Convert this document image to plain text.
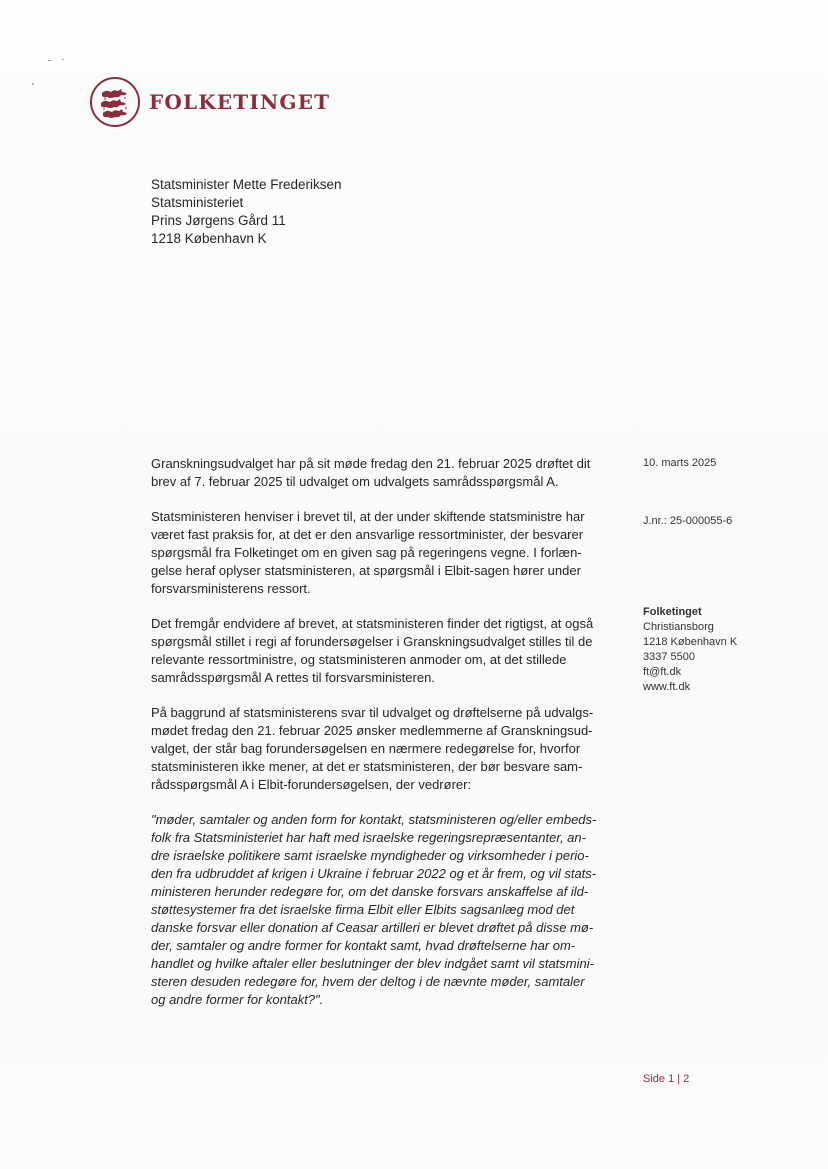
FOLKETINGET
Statsminister Mette Frederiksen
Statsministeriet
Prins Jørgens Gård 11
1218 København K
Granskningsudvalget har på sit møde fredag den 21. februar 2025 drøftet dit
brev af 7. februar 2025 til udvalget om udvalgets samrådsspørgsmål A.
Statsministeren henviser i brevet til, at der under skiftende statsministre har
været fast praksis for, at det er den ansvarlige ressortminister, der besvarer
spørgsmål fra Folketinget om en given sag på regeringens vegne. I forlæn-
gelse heraf oplyser statsministeren, at spørgsmål i Elbit-sagen hører under
forsvarsministerens ressort.
Det fremgår endvidere af brevet, at statsministeren finder det rigtigst, at også
spørgsmål stillet i regi af forundersøgelser i Granskningsudvalget stilles til de
relevante ressortministre, og statsministeren anmoder om, at det stillede
samrådsspørgsmål A rettes til forsvarsministeren.
På baggrund af statsministerens svar til udvalget og drøftelserne på udvalgs-
mødet fredag den 21. februar 2025 ønsker medlemmerne af Granskningsud-
valget, der står bag forundersøgelsen en nærmere redegørelse for, hvorfor
statsministeren ikke mener, at det er statsministeren, der bør besvare sam-
rådsspørgsmål A i Elbit-forundersøgelsen, der vedrører:
"møder, samtaler og anden form for kontakt, statsministeren og/eller embeds-
folk fra Statsministeriet har haft med israelske regeringsrepræsentanter, an-
dre israelske politikere samt israelske myndigheder og virksomheder i perio-
den fra udbruddet af krigen i Ukraine i februar 2022 og et år frem, og vil stats-
ministeren herunder redegøre for, om det danske forsvars anskaffelse af ild-
støttesystemer fra det israelske firma Elbit eller Elbits sagsanlæg mod det
danske forsvar eller donation af Ceasar artilleri er blevet drøftet på disse mø-
der, samtaler og andre former for kontakt samt, hvad drøftelserne har om-
handlet og hvilke aftaler eller beslutninger der blev indgået samt vil statsmini-
steren desuden redegøre for, hvem der deltog i de nævnte møder, samtaler
og andre former for kontakt?".
10. marts 2025
J.nr.: 25-000055-6
Folketinget
Christiansborg
1218 København K
3337 5500
ft@ft.dk
www.ft.dk
Side 1 | 2
